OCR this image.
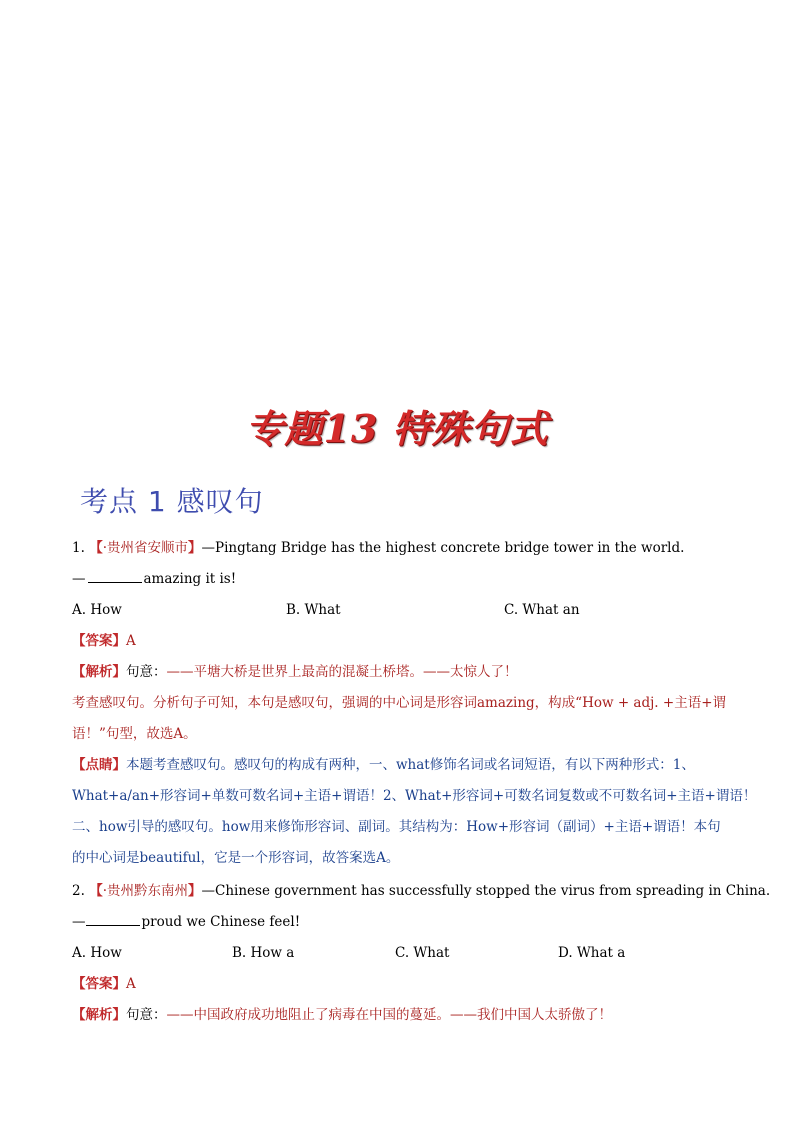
专题13 特殊句式
考点 1 感叹句
1. 【·贵州省安顺市】—Pingtang Bridge has the highest concrete bridge tower in the world.
—	amazing it is!
A. How	B. What	C. What an
【答案】A
【解析】句意：——平塘大桥是世界上最高的混凝土桥塔。——太惊人了！
考查感叹句。分析句子可知，本句是感叹句，强调的中心词是形容词amazing，构成“How + adj. +主语+谓
语！”句型，故选A。
【点睛】本题考查感叹句。感叹句的构成有两种，一、what修饰名词或名词短语，有以下两种形式：1、
What+a/an+形容词+单数可数名词+主语+谓语！2、What+形容词+可数名词复数或不可数名词+主语+谓语！
二、how引导的感叹句。how用来修饰形容词、副词。其结构为：How+形容词（副词）+主语+谓语！本句
的中心词是beautiful，它是一个形容词，故答案选A。
2. 【·贵州黔东南州】—Chinese government has successfully stopped the virus from spreading in China.
—	proud we Chinese feel!
A. How	B. How a	C. What	D. What a
【答案】A
【解析】句意：——中国政府成功地阻止了病毒在中国的蔓延。——我们中国人太骄傲了！
